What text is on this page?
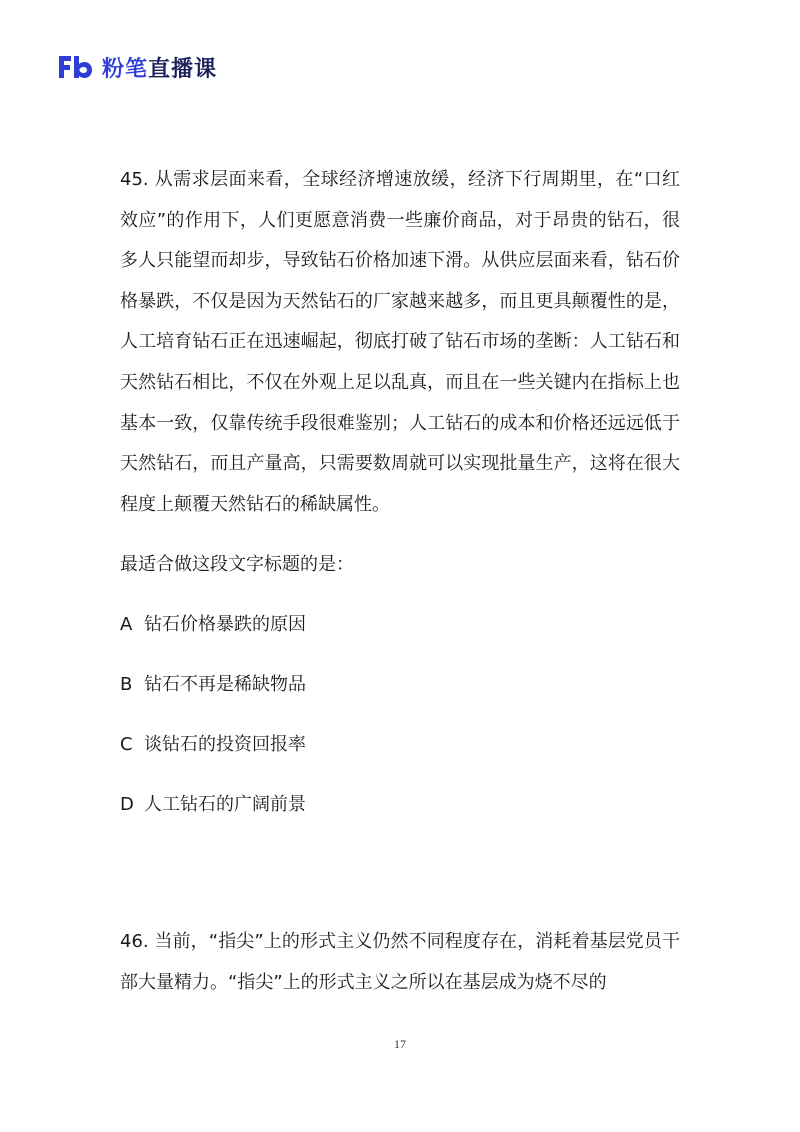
粉笔直播课

45. 从需求层面来看，全球经济增速放缓，经济下行周期里，在“口红效应”的作用下，人们更愿意消费一些廉价商品，对于昂贵的钻石，很多人只能望而却步，导致钻石价格加速下滑。从供应层面来看，钻石价格暴跌，不仅是因为天然钻石的厂家越来越多，而且更具颠覆性的是，人工培育钻石正在迅速崛起，彻底打破了钻石市场的垄断：人工钻石和天然钻石相比，不仅在外观上足以乱真，而且在一些关键内在指标上也基本一致，仅靠传统手段很难鉴别；人工钻石的成本和价格还远远低于天然钻石，而且产量高，只需要数周就可以实现批量生产，这将在很大程度上颠覆天然钻石的稀缺属性。

最适合做这段文字标题的是：

A 钻石价格暴跌的原因
B 钻石不再是稀缺物品
C 谈钻石的投资回报率
D 人工钻石的广阔前景

46. 当前，“指尖”上的形式主义仍然不同程度存在，消耗着基层党员干部大量精力。“指尖”上的形式主义之所以在基层成为烧不尽的

17
